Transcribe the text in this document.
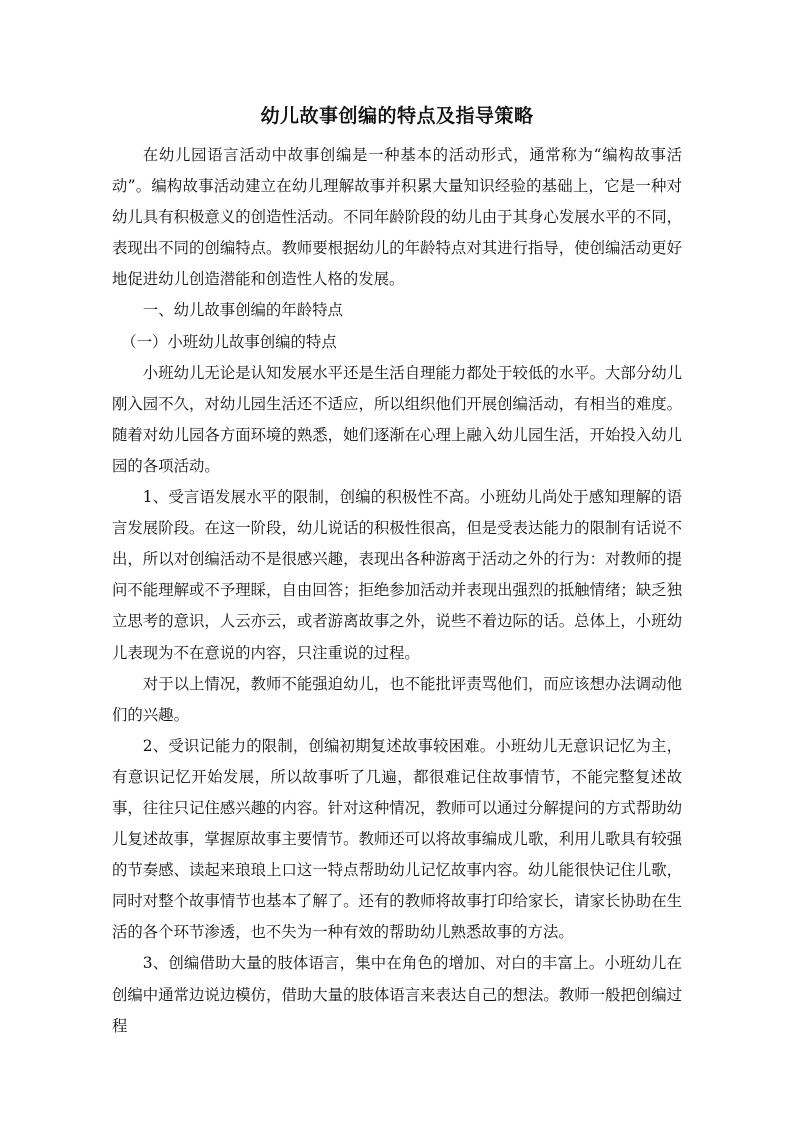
幼儿故事创编的特点及指导策略

在幼儿园语言活动中故事创编是一种基本的活动形式，通常称为“编构故事活动”。编构故事活动建立在幼儿理解故事并积累大量知识经验的基础上，它是一种对幼儿具有积极意义的创造性活动。不同年龄阶段的幼儿由于其身心发展水平的不同，表现出不同的创编特点。教师要根据幼儿的年龄特点对其进行指导，使创编活动更好地促进幼儿创造潜能和创造性人格的发展。

一、幼儿故事创编的年龄特点

（一）小班幼儿故事创编的特点

小班幼儿无论是认知发展水平还是生活自理能力都处于较低的水平。大部分幼儿刚入园不久，对幼儿园生活还不适应，所以组织他们开展创编活动，有相当的难度。随着对幼儿园各方面环境的熟悉，她们逐渐在心理上融入幼儿园生活，开始投入幼儿园的各项活动。

1、受言语发展水平的限制，创编的积极性不高。小班幼儿尚处于感知理解的语言发展阶段。在这一阶段，幼儿说话的积极性很高，但是受表达能力的限制有话说不出，所以对创编活动不是很感兴趣，表现出各种游离于活动之外的行为：对教师的提问不能理解或不予理睬，自由回答；拒绝参加活动并表现出强烈的抵触情绪；缺乏独立思考的意识，人云亦云，或者游离故事之外，说些不着边际的话。总体上，小班幼儿表现为不在意说的内容，只注重说的过程。

对于以上情况，教师不能强迫幼儿，也不能批评责骂他们，而应该想办法调动他们的兴趣。

2、受识记能力的限制，创编初期复述故事较困难。小班幼儿无意识记忆为主，有意识记忆开始发展，所以故事听了几遍，都很难记住故事情节，不能完整复述故事，往往只记住感兴趣的内容。针对这种情况，教师可以通过分解提问的方式帮助幼儿复述故事，掌握原故事主要情节。教师还可以将故事编成儿歌，利用儿歌具有较强的节奏感、读起来琅琅上口这一特点帮助幼儿记忆故事内容。幼儿能很快记住儿歌，同时对整个故事情节也基本了解了。还有的教师将故事打印给家长，请家长协助在生活的各个环节渗透，也不失为一种有效的帮助幼儿熟悉故事的方法。

3、创编借助大量的肢体语言，集中在角色的增加、对白的丰富上。小班幼儿在创编中通常边说边模仿，借助大量的肢体语言来表达自己的想法。教师一般把创编过程
